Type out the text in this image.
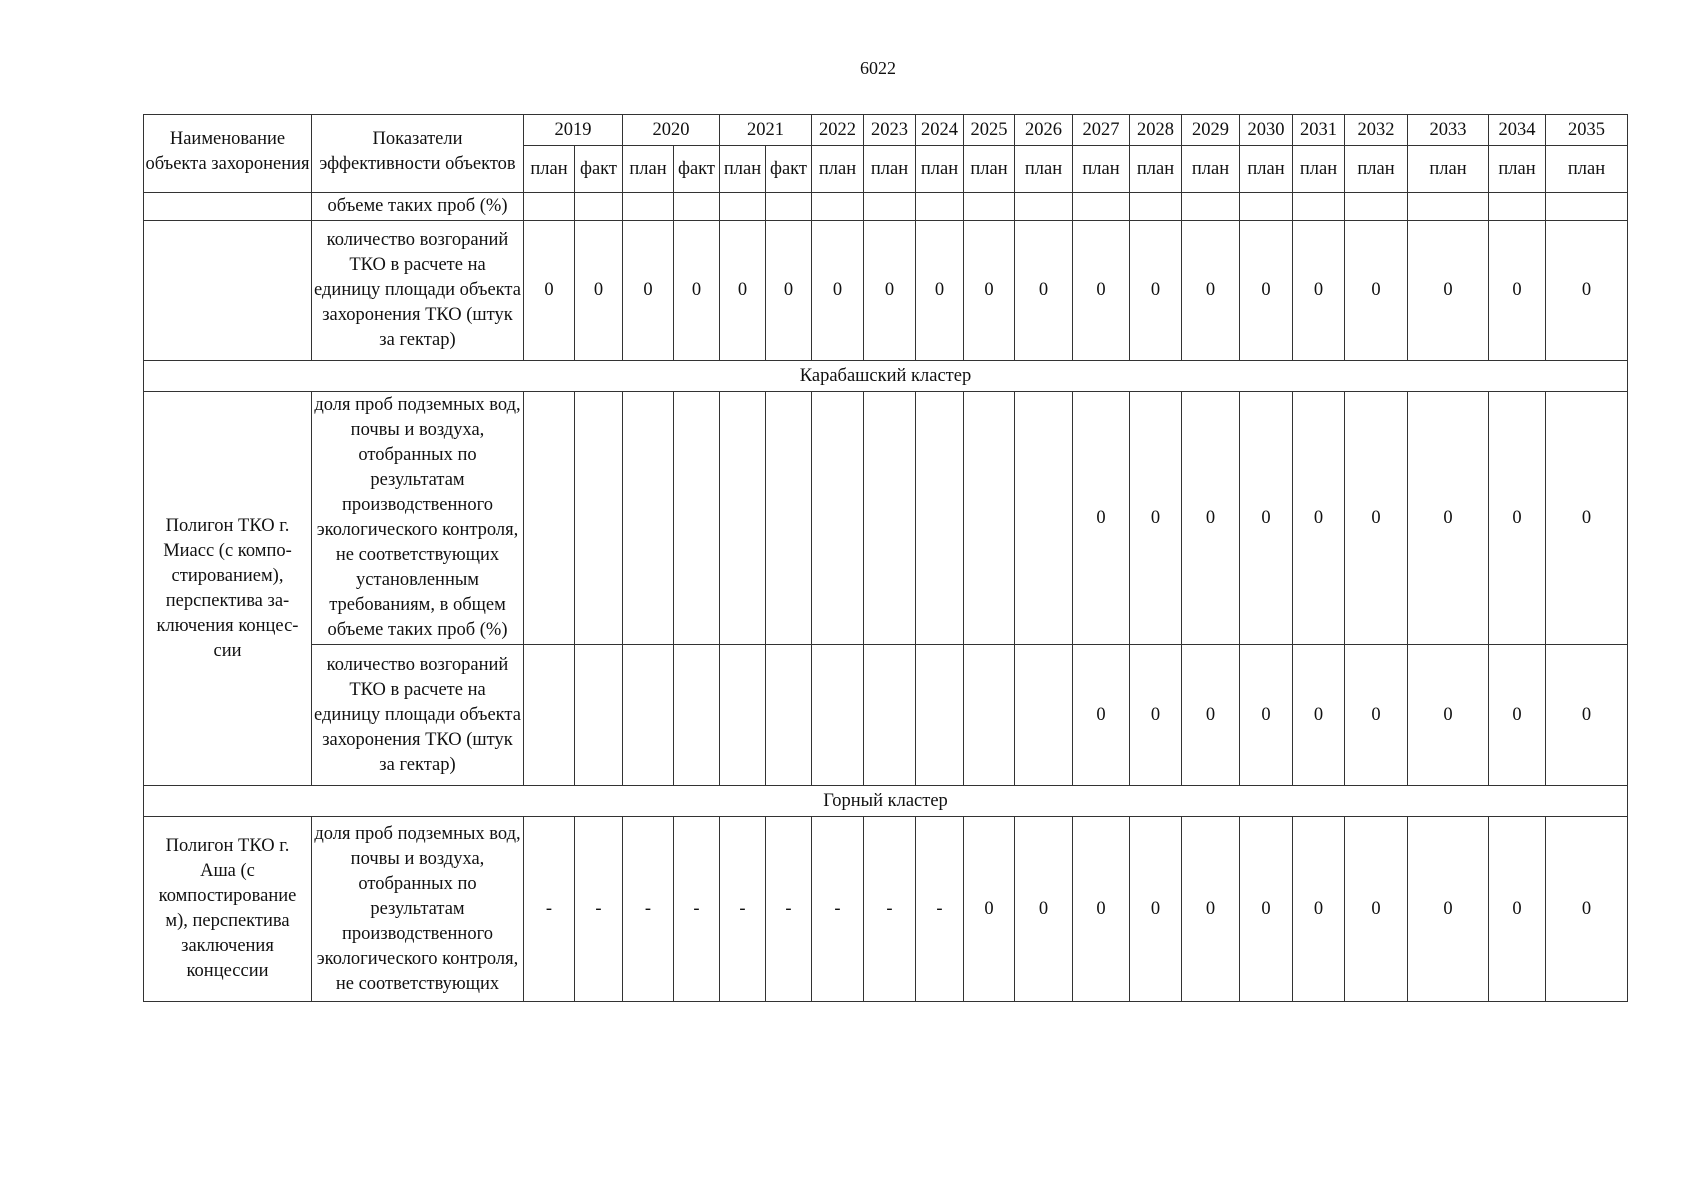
6022
Наименование объекта захоронения	Показатели эффективности объектов	2019		2020		2021		2022	2023	2024	2025	2026	2027	2028	2029	2030	2031	2032	2033	2034	2035
		план	факт	план	факт	план	факт	план	план	план	план	план	план	план	план	план	план	план	план	план	план
	объеме таких проб (%)																				
	количество возгораний ТКО в расчете на единицу площади объекта захоронения ТКО (штук за гектар)	0	0	0	0	0	0	0	0	0	0	0	0	0	0	0	0	0	0	0	0
Карабашский кластер																					
Полигон ТКО г. Миасс (с компо-стированием), перспектива за-ключения концес-сии	доля проб подземных вод, почвы и воздуха, отобранных по результатам производственного экологического контроля, не соответствующих установленным требованиям, в общем объеме таких проб (%)												0	0	0	0	0	0	0	0	0
	количество возгораний ТКО в расчете на единицу площади объекта захоронения ТКО (штук за гектар)												0	0	0	0	0	0	0	0	0
Горный кластер																					
Полигон ТКО г. Аша (с компостирование м), перспектива заключения концессии	доля проб подземных вод, почвы и воздуха, отобранных по результатам производственного экологического контроля, не соответствующих	-	-	-	-	-	-	-	-	-	0	0	0	0	0	0	0	0	0	0	0
